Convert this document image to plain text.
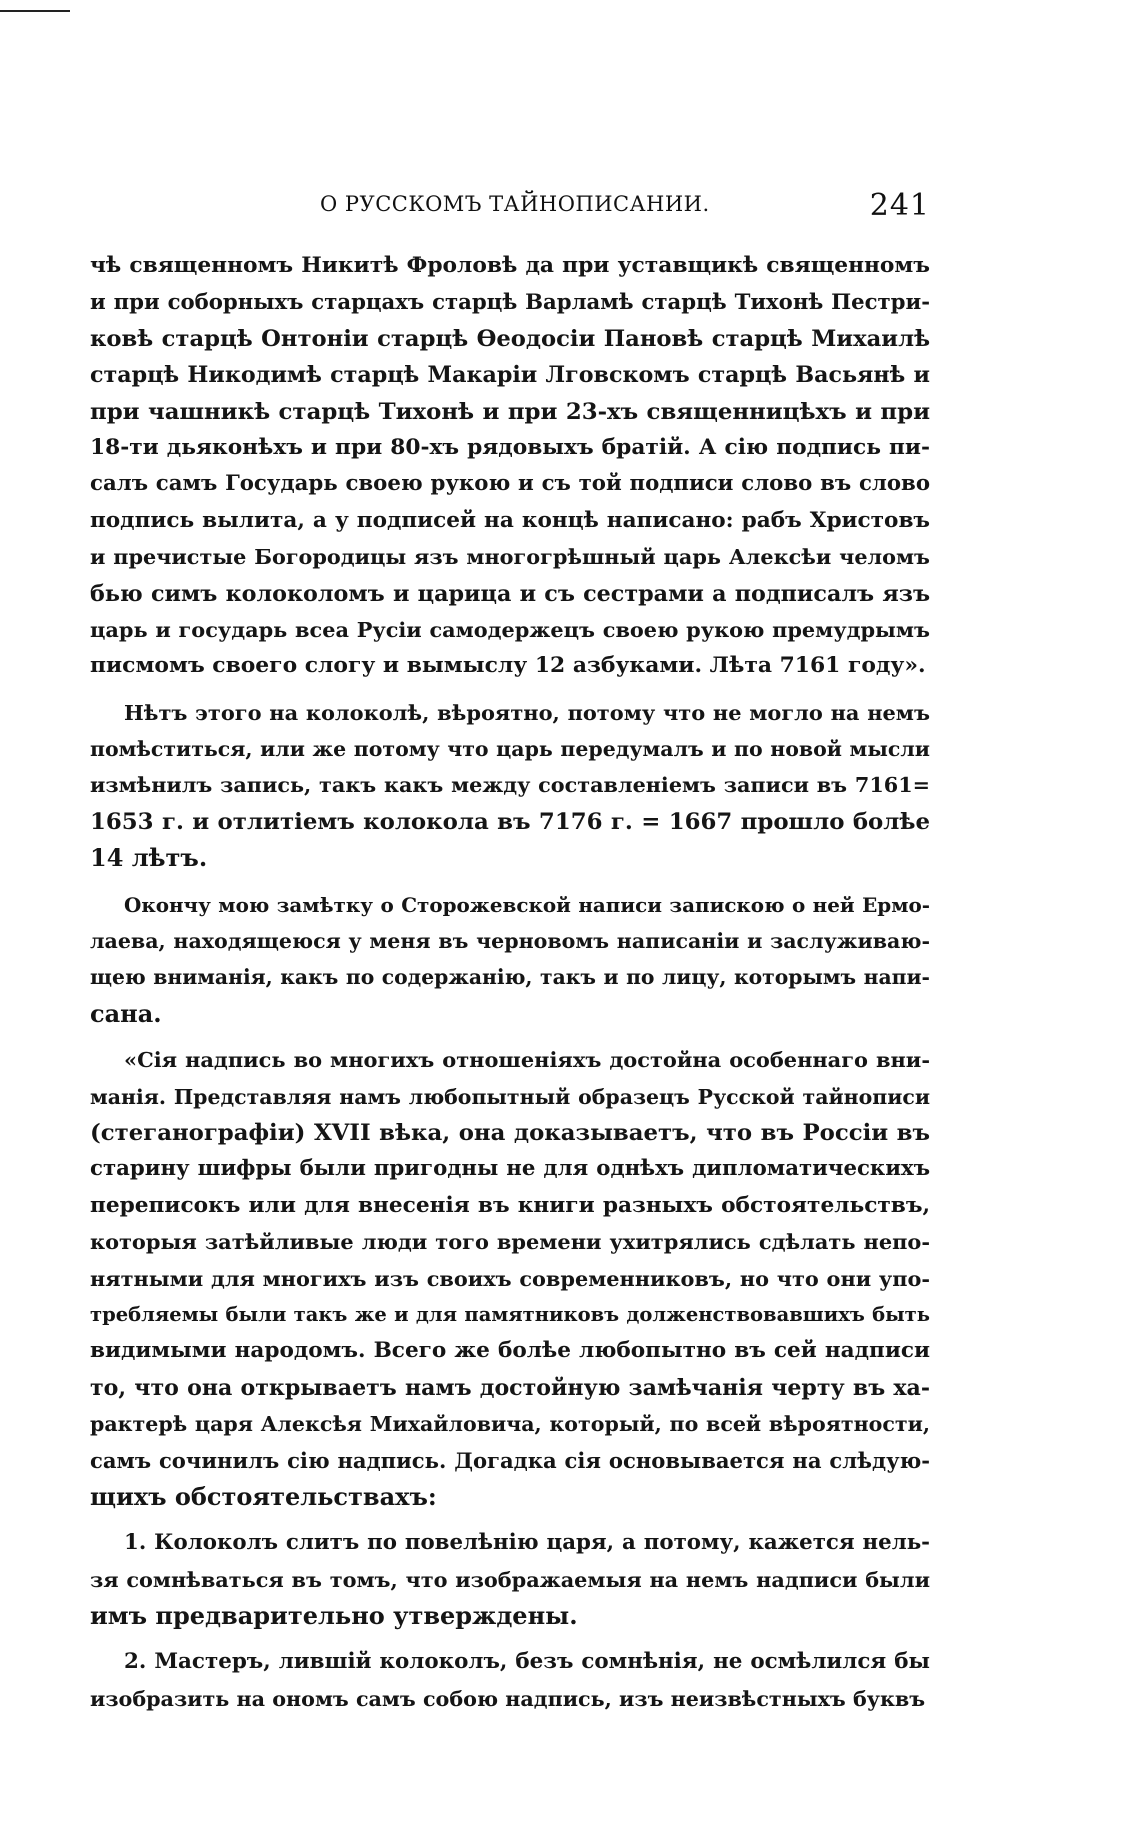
О РУССКОМЪ ТАЙНОПИСАНИИ.	241
чѣ священномъ Никитѣ Фроловѣ да при уставщикѣ священномъ
и при соборныхъ старцахъ старцѣ Варламѣ старцѣ Тихонѣ Пестри-
ковѣ старцѣ Онтоніи старцѣ Ѳеодосіи Пановѣ старцѣ Михаилѣ
старцѣ Никодимѣ старцѣ Макаріи Лговскомъ старцѣ Васьянѣ и
при чашникѣ старцѣ Тихонѣ и при 23-хъ священницѣхъ и при
18-ти дьяконѣхъ и при 80-хъ рядовыхъ братій. А сію подпись пи-
салъ самъ Государь своею рукою и съ той подписи слово въ слово
подпись вылита, а у подписей на концѣ написано: рабъ Христовъ
и пречистые Богородицы язъ многогрѣшный царь Алексѣи челомъ
бью симъ колоколомъ и царица и съ сестрами а подписалъ язъ
царь и государь всеа Русіи самодержецъ своею рукою премудрымъ
писмомъ своего слогу и вымыслу 12 азбуками. Лѣта 7161 году».
Нѣтъ этого на колоколѣ, вѣроятно, потому что не могло на немъ
помѣститься, или же потому что царь передумалъ и по новой мысли
измѣнилъ запись, такъ какъ между составленіемъ записи въ 7161=
1653 г. и отлитіемъ колокола въ 7176 г. = 1667 прошло болѣе
14 лѣтъ.
Окончу мою замѣтку о Сторожевской написи запискою о ней Ермо-
лаева, находящеюся у меня въ черновомъ написаніи и заслуживаю-
щею вниманія, какъ по содержанію, такъ и по лицу, которымъ напи-
сана.
«Сія надпись во многихъ отношеніяхъ достойна особеннаго вни-
манія. Представляя намъ любопытный образецъ Русской тайнописи
(стеганографіи) XVII вѣка, она доказываетъ, что въ Россіи въ
старину шифры были пригодны не для однѣхъ дипломатическихъ
переписокъ или для внесенія въ книги разныхъ обстоятельствъ,
которыя затѣйливые люди того времени ухитрялись сдѣлать непо-
нятными для многихъ изъ своихъ современниковъ, но что они упо-
требляемы были такъ же и для памятниковъ долженствовавшихъ быть
видимыми народомъ. Всего же болѣе любопытно въ сей надписи
то, что она открываетъ намъ достойную замѣчанія черту въ ха-
рактерѣ царя Алексѣя Михайловича, который, по всей вѣроятности,
самъ сочинилъ сію надпись. Догадка сія основывается на слѣдую-
щихъ обстоятельствахъ:
1. Колоколъ слитъ по повелѣнію царя, а потому, кажется нель-
зя сомнѣваться въ томъ, что изображаемыя на немъ надписи были
имъ предварительно утверждены.
2. Мастеръ, лившій колоколъ, безъ сомнѣнія, не осмѣлился бы
изобразить на ономъ самъ собою надпись, изъ неизвѣстныхъ буквъ
